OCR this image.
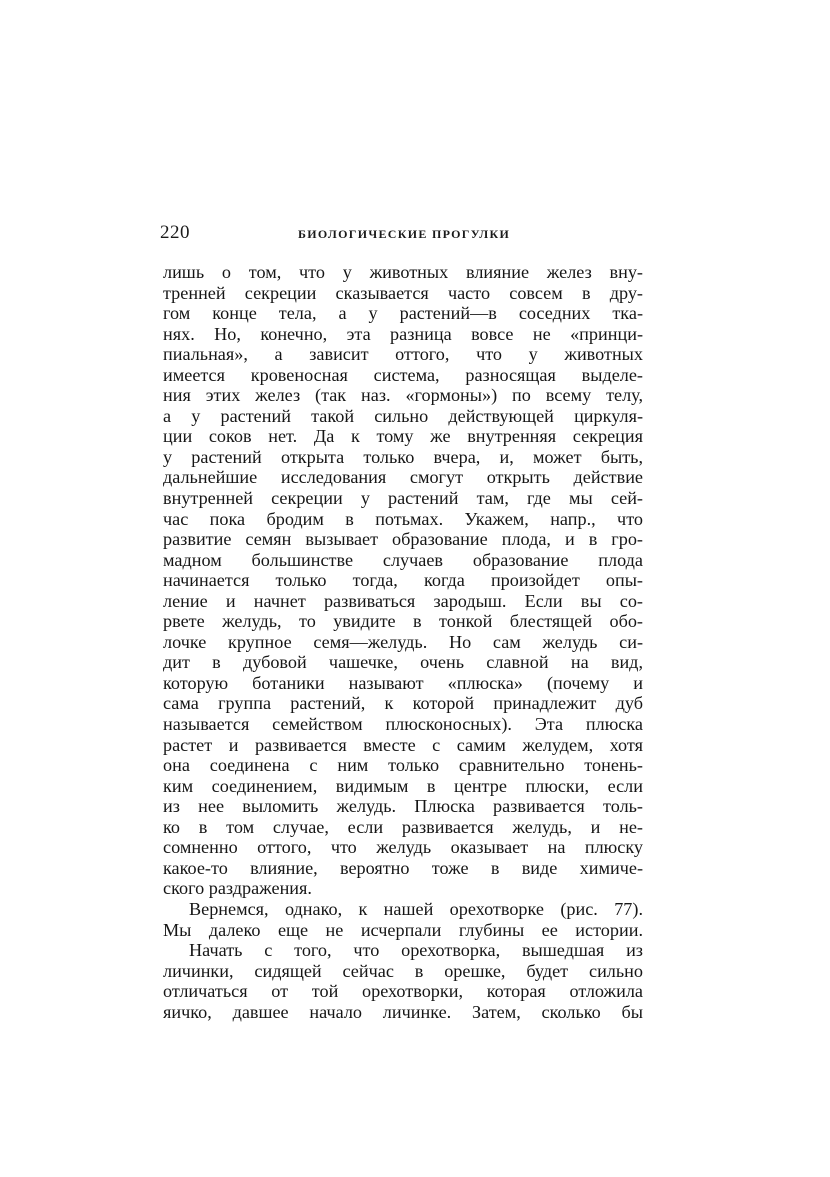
220	БИОЛОГИЧЕСКИЕ ПРОГУЛКИ
лишь о том, что у животных влияние желез вну-
тренней секреции сказывается часто совсем в дру-
гом конце тела, а у растений—в соседних тка-
нях. Но, конечно, эта разница вовсе не «принци-
пиальная», а зависит оттого, что у животных
имеется кровеносная система, разносящая выделе-
ния этих желез (так наз. «гормоны») по всему телу,
а у растений такой сильно действующей циркуля-
ции соков нет. Да к тому же внутренняя секреция
у растений открыта только вчера, и, может быть,
дальнейшие исследования смогут открыть действие
внутренней секреции у растений там, где мы сей-
час пока бродим в потьмах. Укажем, напр., что
развитие семян вызывает образование плода, и в гро-
мадном большинстве случаев образование плода
начинается только тогда, когда произойдет опы-
ление и начнет развиваться зародыш. Если вы со-
рвете желудь, то увидите в тонкой блестящей обо-
лочке крупное семя—желудь. Но сам желудь си-
дит в дубовой чашечке, очень славной на вид,
которую ботаники называют «плюска» (почему и
сама группа растений, к которой принадлежит дуб
называется семейством плюсконосных). Эта плюска
растет и развивается вместе с самим желудем, хотя
она соединена с ним только сравнительно тонень-
ким соединением, видимым в центре плюски, если
из нее выломить желудь. Плюска развивается толь-
ко в том случае, если развивается желудь, и не-
сомненно оттого, что желудь оказывает на плюску
какое-то влияние, вероятно тоже в виде химиче-
ского раздражения.
Вернемся, однако, к нашей орехотворке (рис. 77).
Мы далеко еще не исчерпали глубины ее истории.
Начать с того, что орехотворка, вышедшая из
личинки, сидящей сейчас в орешке, будет сильно
отличаться от той орехотворки, которая отложила
яичко, давшее начало личинке. Затем, сколько бы
